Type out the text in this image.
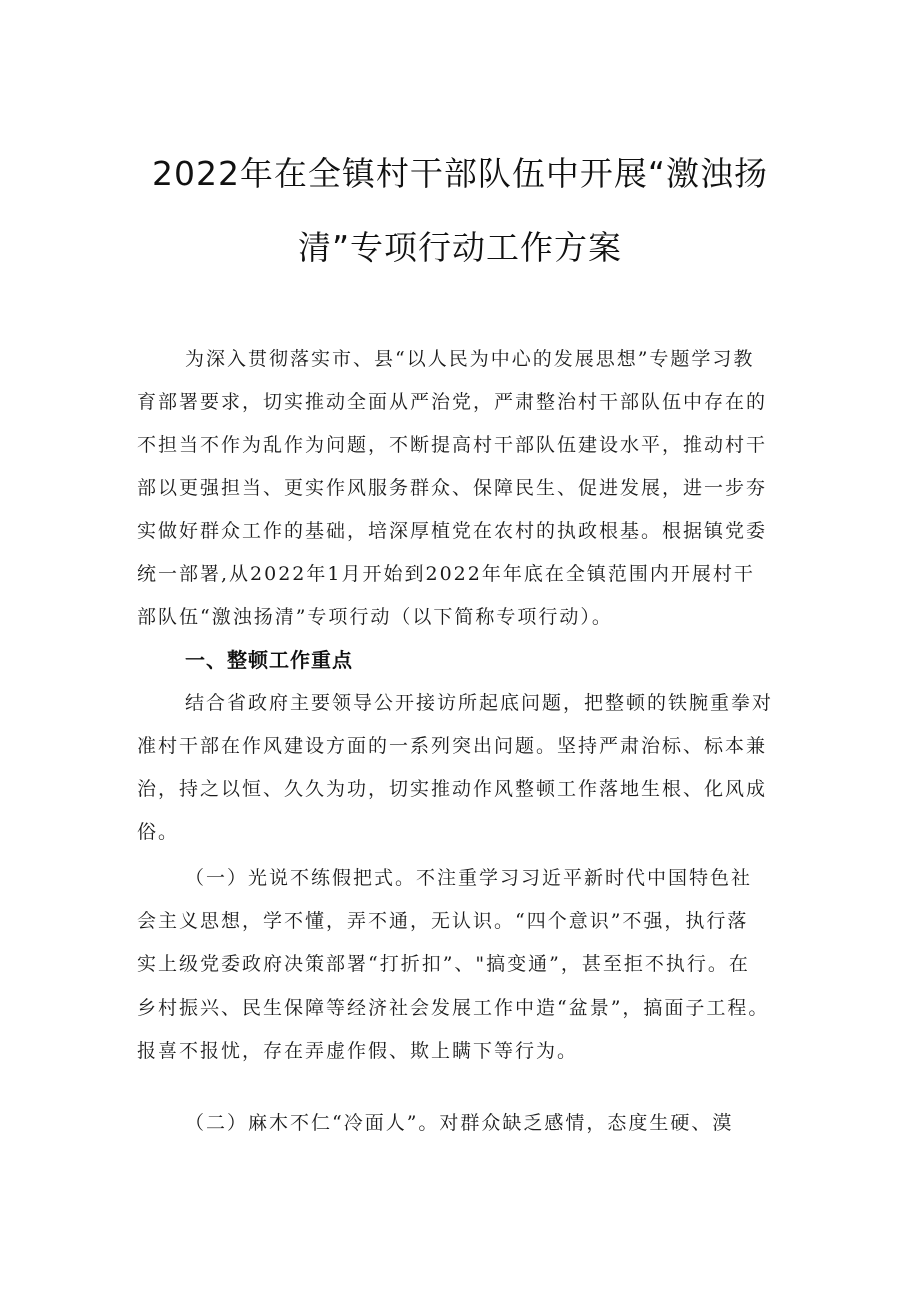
2022年在全镇村干部队伍中开展“激浊扬
清”专项行动工作方案
为深入贯彻落实市、县“以人民为中心的发展思想”专题学习教
育部署要求，切实推动全面从严治党，严肃整治村干部队伍中存在的
不担当不作为乱作为问题，不断提高村干部队伍建设水平，推动村干
部以更强担当、更实作风服务群众、保障民生、促进发展，进一步夯
实做好群众工作的基础，培深厚植党在农村的执政根基。根据镇党委
统一部署,从2022年1月开始到2022年年底在全镇范围内开展村干
部队伍“激浊扬清”专项行动（以下简称专项行动）。
一、整顿工作重点
结合省政府主要领导公开接访所起底问题，把整顿的铁腕重拳对
准村干部在作风建设方面的一系列突出问题。坚持严肃治标、标本兼
治，持之以恒、久久为功，切实推动作风整顿工作落地生根、化风成
俗。
（一）光说不练假把式。不注重学习习近平新时代中国特色社
会主义思想，学不懂，弄不通，无认识。“四个意识”不强，执行落
实上级党委政府决策部署“打折扣”、"搞变通”，甚至拒不执行。在
乡村振兴、民生保障等经济社会发展工作中造“盆景”，搞面子工程。
报喜不报忧，存在弄虚作假、欺上瞒下等行为。
（二）麻木不仁“冷面人”。对群众缺乏感情，态度生硬、漠
